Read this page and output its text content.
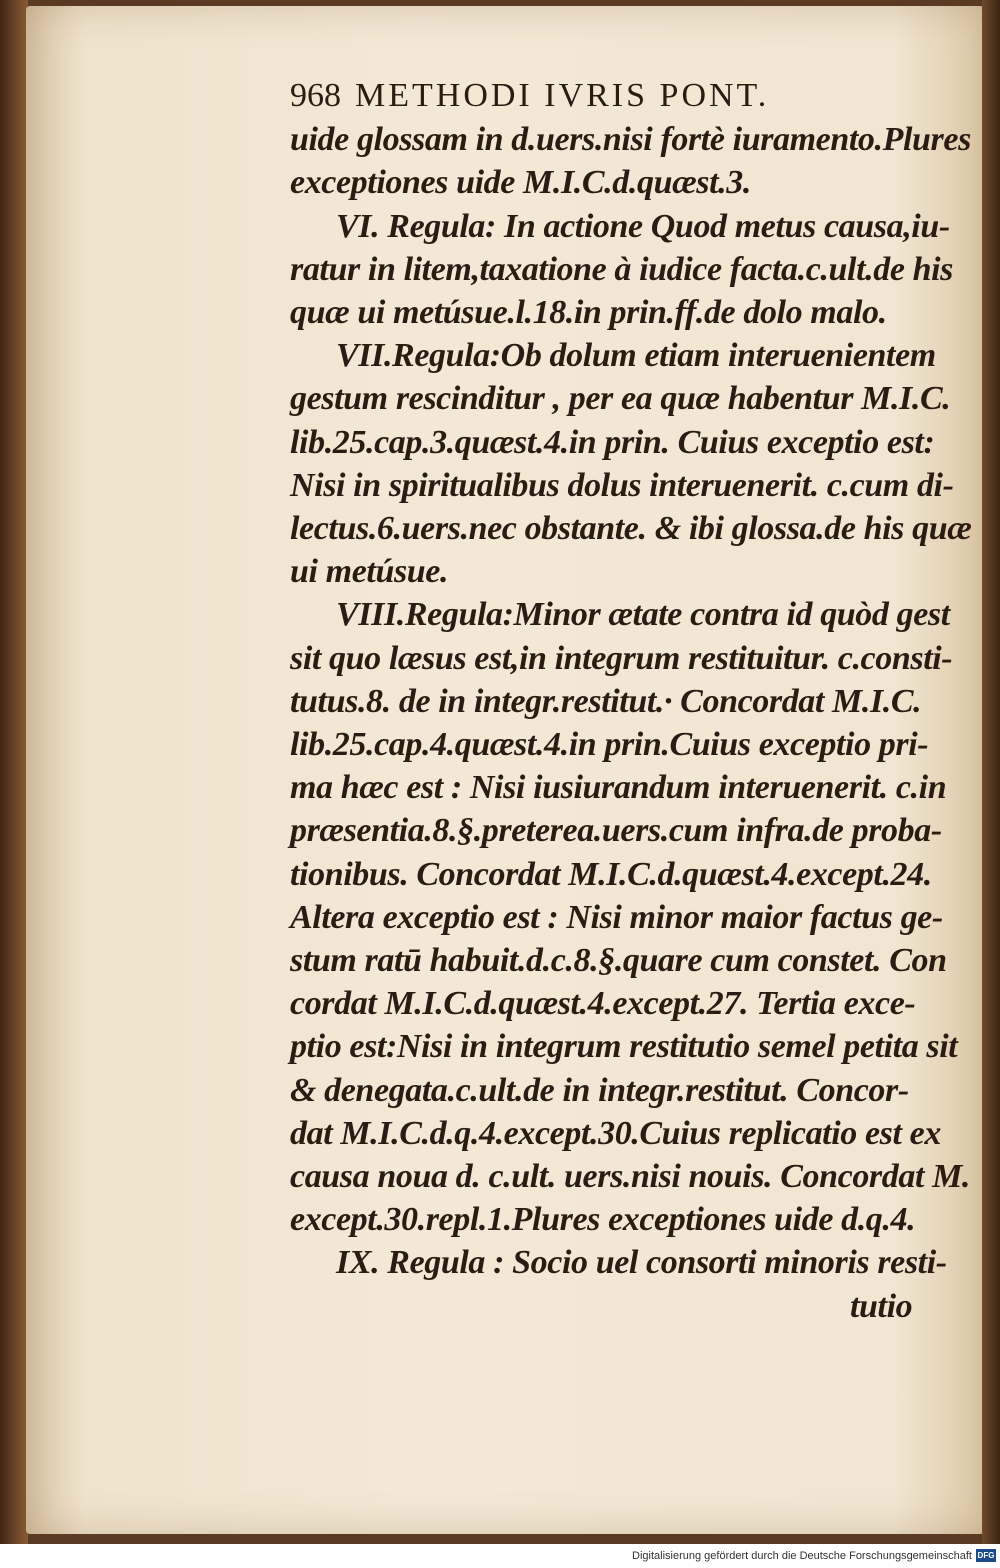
968 METHODI IVRIS PONT.
uide glossam in d.uers.nisi fortè iuramento.Plures
exceptiones uide M.I.C.d.quæst.3.
VI. Regula: In actione Quod metus causa,iu-
ratur in litem,taxatione à iudice facta.c.ult.de his
quæ ui metúsue.l.18.in prin.ff.de dolo malo.
VII.Regula:Ob dolum etiam interuenientem
gestum rescinditur , per ea quæ habentur M.I.C.
lib.25.cap.3.quæst.4.in prin. Cuius exceptio est:
Nisi in spiritualibus dolus interuenerit. c.cum di-
lectus.6.uers.nec obstante. & ibi glossa.de his quæ
ui metúsue.
VIII.Regula:Minor ætate contra id quòd gest
sit quo læsus est,in integrum restituitur. c.consti-
tutus.8. de in integr.restitut.· Concordat M.I.C.
lib.25.cap.4.quæst.4.in prin.Cuius exceptio pri-
ma hæc est : Nisi iusiurandum interuenerit. c.in
præsentia.8.§.preterea.uers.cum infra.de proba-
tionibus. Concordat M.I.C.d.quæst.4.except.24.
Altera exceptio est : Nisi minor maior factus ge-
stum ratū habuit.d.c.8.§.quare cum constet. Con
cordat M.I.C.d.quæst.4.except.27. Tertia exce-
ptio est:Nisi in integrum restitutio semel petita sit
& denegata.c.ult.de in integr.restitut. Concor-
dat M.I.C.d.q.4.except.30.Cuius replicatio est ex
causa noua d. c.ult. uers.nisi nouis. Concordat M.
except.30.repl.1.Plures exceptiones uide d.q.4.
IX. Regula : Socio uel consorti minoris resti-
tutio
Digitalisierung gefördert durch die Deutsche Forschungsgemeinschaft DFG
